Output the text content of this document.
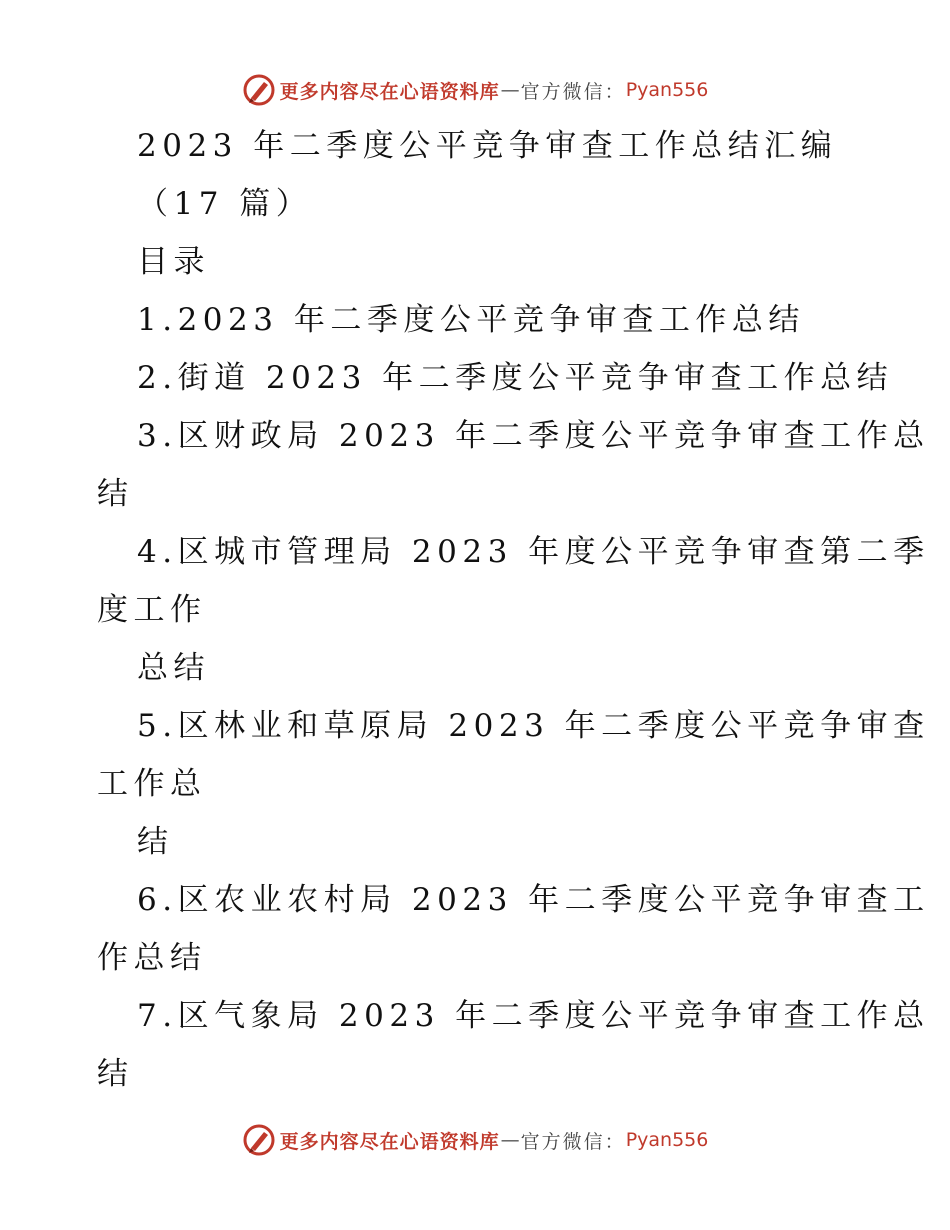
更多内容尽在心语资料库 — 官方微信： Pyan556
2023 年二季度公平竞争审查工作总结汇编
（17 篇）
目录
1.2023 年二季度公平竞争审查工作总结
2.街道 2023 年二季度公平竞争审查工作总结
3.区财政局 2023 年二季度公平竞争审查工作总
结
4.区城市管理局 2023 年度公平竞争审查第二季
度工作
总结
5.区林业和草原局 2023 年二季度公平竞争审查
工作总
结
6.区农业农村局 2023 年二季度公平竞争审查工
作总结
7.区气象局 2023 年二季度公平竞争审查工作总
结
更多内容尽在心语资料库 — 官方微信： Pyan556
